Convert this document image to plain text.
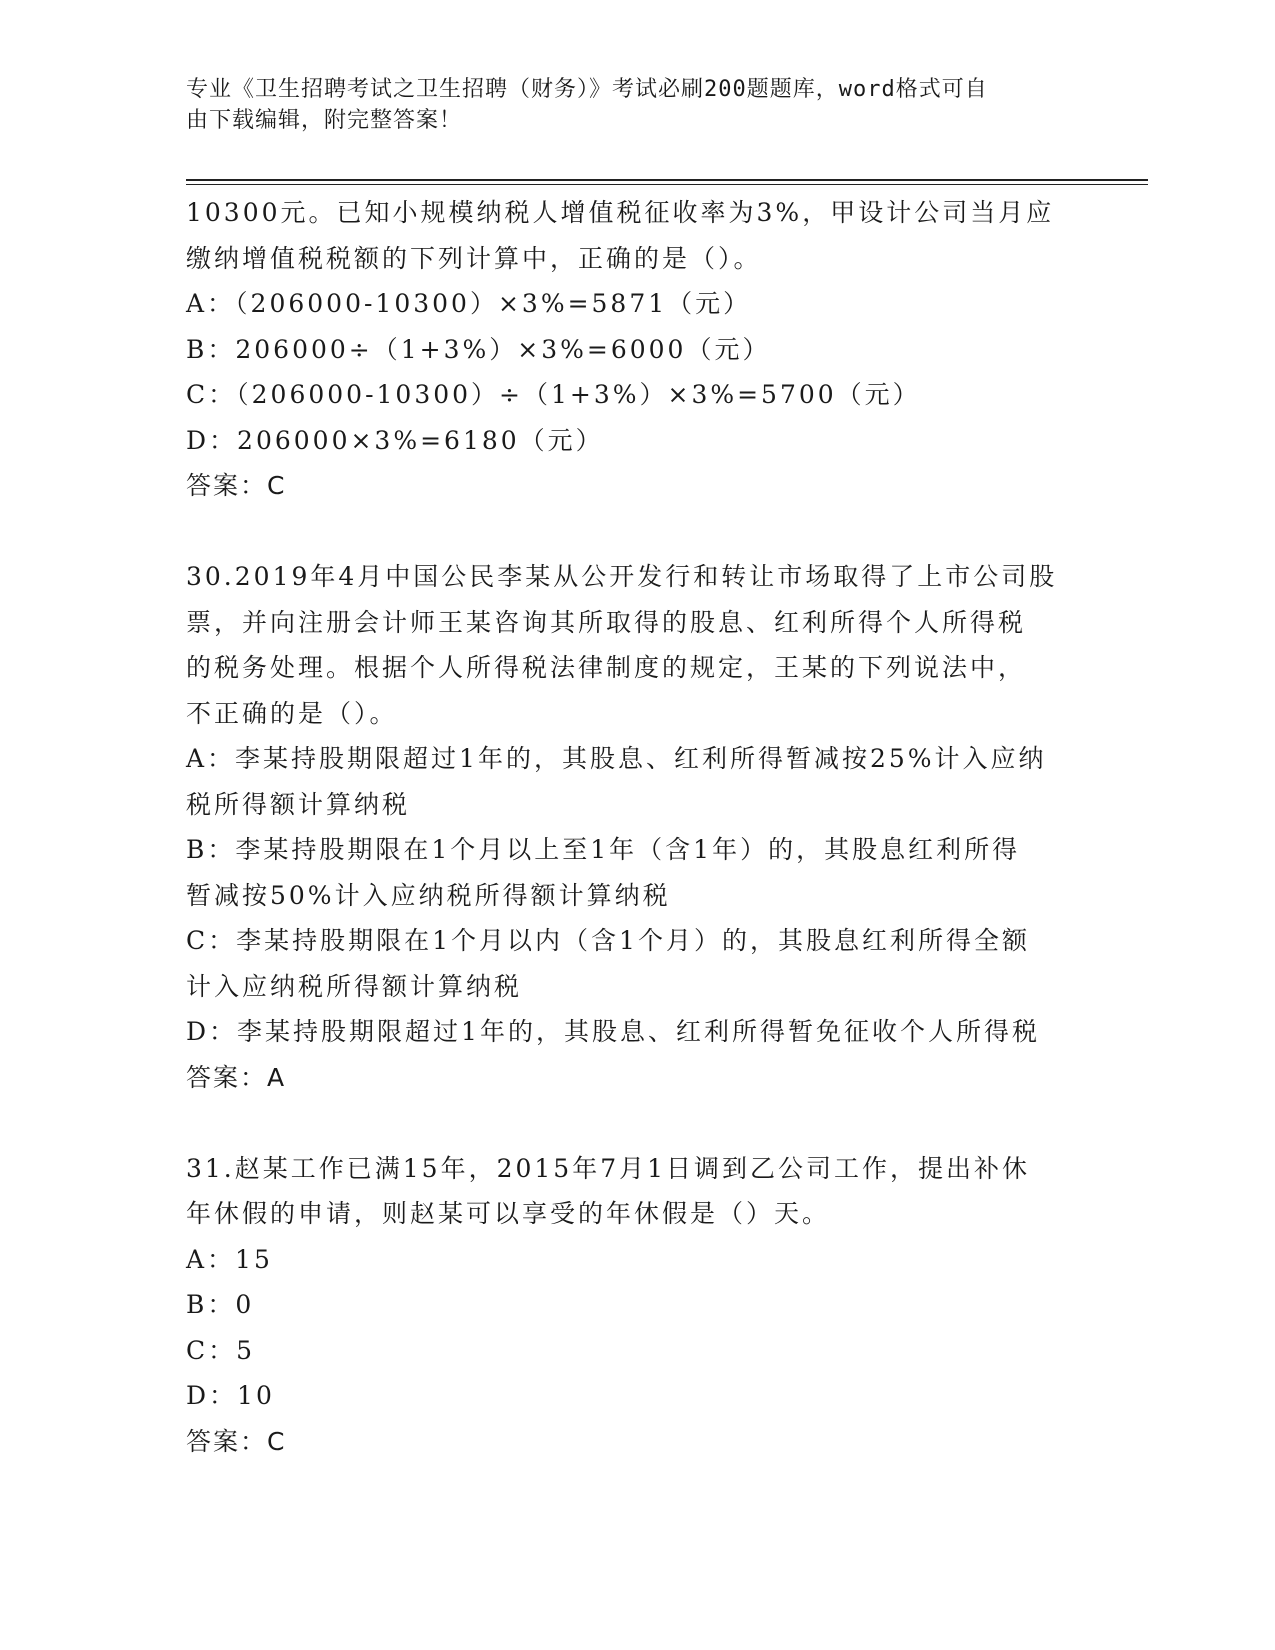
专业《卫生招聘考试之卫生招聘（财务）》考试必刷200题题库，word格式可自
由下载编辑，附完整答案！

10300元。已知小规模纳税人增值税征收率为3%，甲设计公司当月应

缴纳增值税税额的下列计算中，正确的是（）。

A：（206000-10300）×3%=5871（元）

B：206000÷（1+3%）×3%=6000（元）

C：（206000-10300）÷（1+3%）×3%=5700（元）

D：206000×3%=6180（元）

答案：C

30.2019年4月中国公民李某从公开发行和转让市场取得了上市公司股

票，并向注册会计师王某咨询其所取得的股息、红利所得个人所得税

的税务处理。根据个人所得税法律制度的规定，王某的下列说法中，

不正确的是（）。

A：李某持股期限超过1年的，其股息、红利所得暂减按25%计入应纳

税所得额计算纳税

B：李某持股期限在1个月以上至1年（含1年）的，其股息红利所得

暂减按50%计入应纳税所得额计算纳税

C：李某持股期限在1个月以内（含1个月）的，其股息红利所得全额

计入应纳税所得额计算纳税

D：李某持股期限超过1年的，其股息、红利所得暂免征收个人所得税

答案：A

31.赵某工作已满15年，2015年7月1日调到乙公司工作，提出补休

年休假的申请，则赵某可以享受的年休假是（）天。

A：15

B：0

C：5

D：10

答案：C
